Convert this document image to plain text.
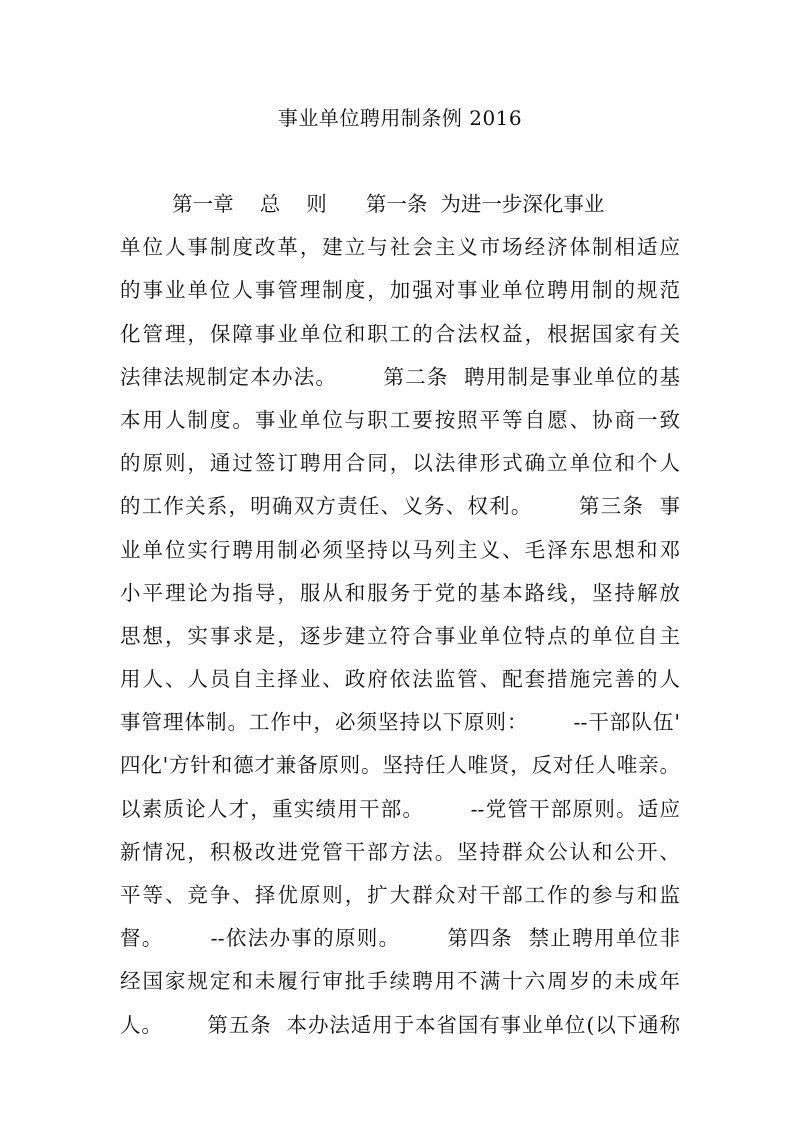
事业单位聘用制条例 2016
第一章    总    则      第一条  为进一步深化事业
单位人事制度改革，建立与社会主义市场经济体制相适应
的事业单位人事管理制度，加强对事业单位聘用制的规范
化管理，保障事业单位和职工的合法权益，根据国家有关
法律法规制定本办法。      第二条  聘用制是事业单位的基
本用人制度。事业单位与职工要按照平等自愿、协商一致
的原则，通过签订聘用合同，以法律形式确立单位和个人
的工作关系，明确双方责任、义务、权利。      第三条  事
业单位实行聘用制必须坚持以马列主义、毛泽东思想和邓
小平理论为指导，服从和服务于党的基本路线，坚持解放
思想，实事求是，逐步建立符合事业单位特点的单位自主
用人、人员自主择业、政府依法监管、配套措施完善的人
事管理体制。工作中，必须坚持以下原则：      --干部队伍'
四化'方针和德才兼备原则。坚持任人唯贤，反对任人唯亲。
以素质论人才，重实绩用干部。      --党管干部原则。适应
新情况，积极改进党管干部方法。坚持群众公认和公开、
平等、竞争、择优原则，扩大群众对干部工作的参与和监
督。      --依法办事的原则。      第四条  禁止聘用单位非
经国家规定和未履行审批手续聘用不满十六周岁的未成年
人。      第五条  本办法适用于本省国有事业单位(以下通称
